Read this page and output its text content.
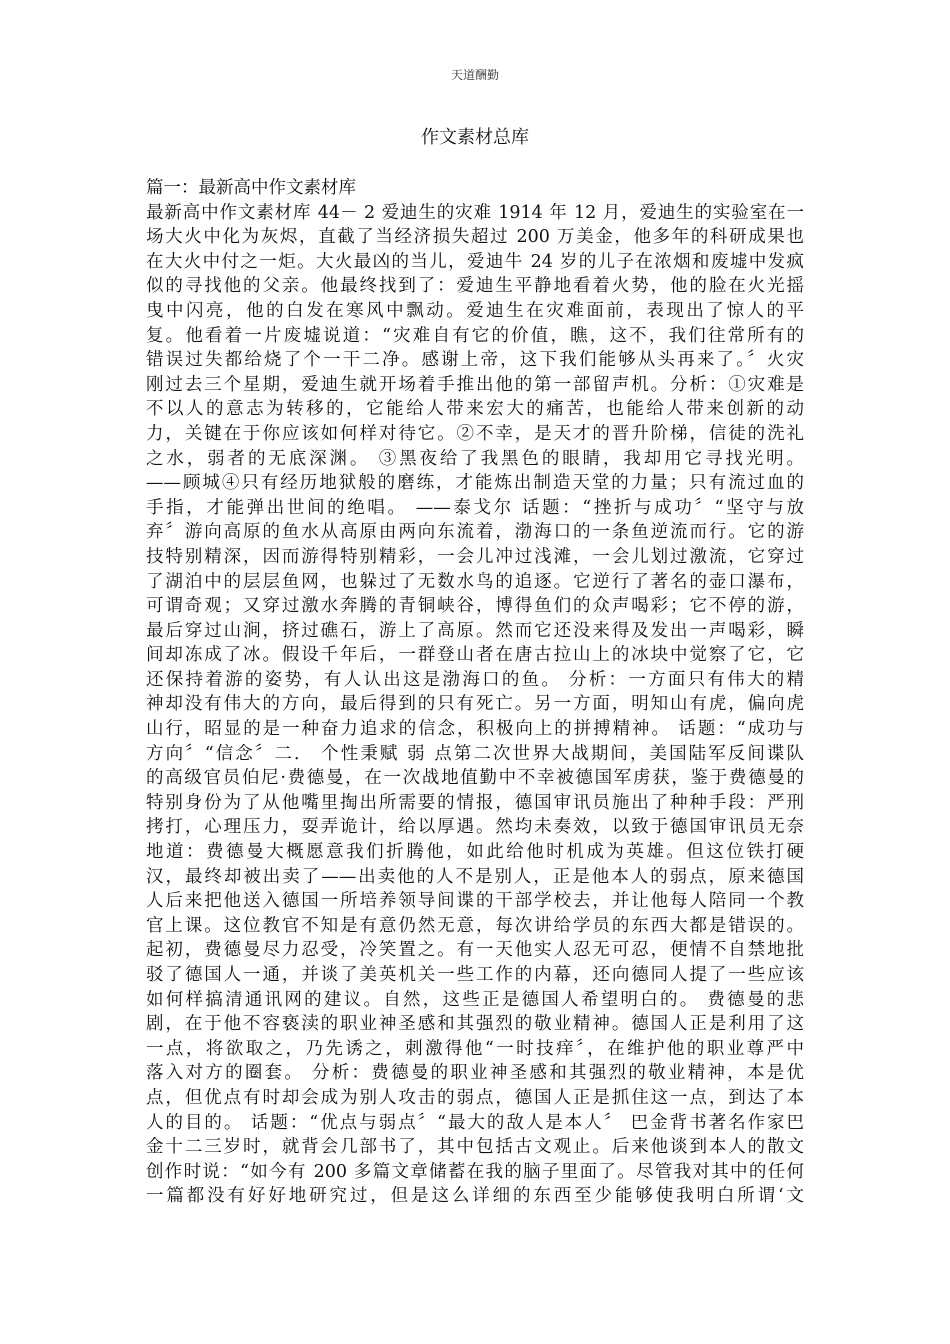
天道酬勤
作文素材总库
篇一：最新高中作文素材库
最新高中作文素材库 44－ 2 爱迪生的灾难 1914 年 12 月，爱迪生的实验室在一
场大火中化为灰烬，直截了当经济损失超过 200 万美金，他多年的科研成果也
在大火中付之一炬。大火最凶的当儿，爱迪牛 24 岁的儿子在浓烟和废墟中发疯
似的寻找他的父亲。他最终找到了：爱迪生平静地看着火势，他的脸在火光摇
曳中闪亮，他的白发在寒风中飘动。爱迪生在灾难面前，表现出了惊人的平
复。他看着一片废墟说道：“灾难自有它的价值，瞧，这不，我们往常所有的
错误过失都给烧了个一干二净。感谢上帝，这下我们能够从头再来了。〞火灾
刚过去三个星期，爱迪生就开场着手推出他的第一部留声机。分析：①灾难是
不以人的意志为转移的，它能给人带来宏大的痛苦，也能给人带来创新的动
力，关键在于你应该如何样对待它。②不幸，是天才的晋升阶梯，信徒的洗礼
之水，弱者的无底深渊。 ③黑夜给了我黑色的眼睛，我却用它寻找光明。
——顾城④只有经历地狱般的磨练，才能炼出制造天堂的力量；只有流过血的
手指，才能弹出世间的绝唱。 ——泰戈尔 话题：“挫折与成功〞“坚守与放
弃〞游向高原的鱼水从高原由两向东流着，渤海口的一条鱼逆流而行。它的游
技特别精深，因而游得特别精彩，一会儿冲过浅滩，一会儿划过激流，它穿过
了湖泊中的层层鱼网，也躲过了无数水鸟的追逐。它逆行了著名的壶口瀑布，
可谓奇观；又穿过激水奔腾的青铜峡谷，博得鱼们的众声喝彩；它不停的游，
最后穿过山涧，挤过礁石，游上了高原。然而它还没来得及发出一声喝彩，瞬
间却冻成了冰。假设千年后，一群登山者在唐古拉山上的冰块中觉察了它，它
还保持着游的姿势，有人认出这是渤海口的鱼。 分析：一方面只有伟大的精
神却没有伟大的方向，最后得到的只有死亡。另一方面，明知山有虎，偏向虎
山行，昭显的是一种奋力追求的信念，积极向上的拼搏精神。 话题：“成功与
方向〞“信念〞二． 个性秉赋 弱 点第二次世界大战期间，美国陆军反间谍队
的高级官员伯尼·费德曼，在一次战地值勤中不幸被德国军虏获，鉴于费德曼的
特别身份为了从他嘴里掏出所需要的情报，德国审讯员施出了种种手段：严刑
拷打，心理压力，耍弄诡计，给以厚遇。然均未奏效，以致于德国审讯员无奈
地道：费德曼大概愿意我们折腾他，如此给他时机成为英雄。但这位铁打硬
汉，最终却被出卖了——出卖他的人不是别人，正是他本人的弱点，原来德国
人后来把他送入德国一所培养领导间谍的干部学校去，并让他每人陪同一个教
官上课。这位教官不知是有意仍然无意，每次讲给学员的东西大都是错误的。
起初，费德曼尽力忍受，冷笑置之。有一天他实人忍无可忍，便情不自禁地批
驳了德国人一通，并谈了美英机关一些工作的内幕，还向德同人提了一些应该
如何样搞清通讯网的建议。自然，这些正是德国人希望明白的。 费德曼的悲
剧，在于他不容亵渎的职业神圣感和其强烈的敬业精神。德国人正是利用了这
一点，将欲取之，乃先诱之，刺激得他“一时技痒〞，在维护他的职业尊严中
落入对方的圈套。 分析：费德曼的职业神圣感和其强烈的敬业精神，本是优
点，但优点有时却会成为别人攻击的弱点，德国人正是抓住这一点，到达了本
人的目的。 话题：“优点与弱点〞“最大的敌人是本人〞 巴金背书著名作家巴
金十二三岁时，就背会几部书了，其中包括古文观止。后来他谈到本人的散文
创作时说：“如今有 200 多篇文章储蓄在我的脑子里面了。尽管我对其中的任何
一篇都没有好好地研究过，但是这么详细的东西至少能够使我明白所谓‘文
